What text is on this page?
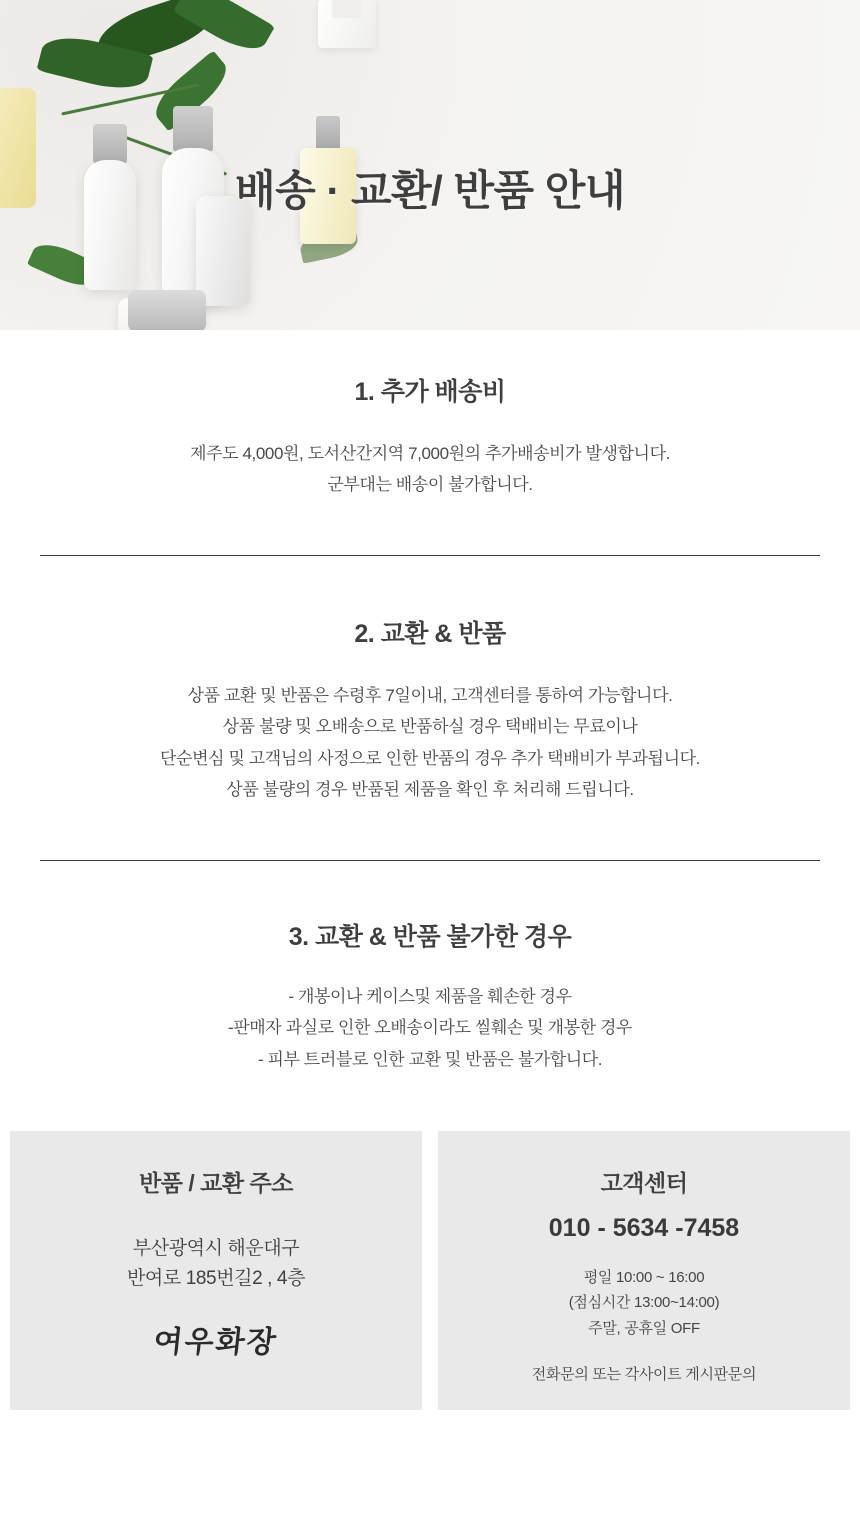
배송 · 교환/ 반품 안내
1. 추가 배송비
제주도 4,000원, 도서산간지역 7,000원의 추가배송비가 발생합니다.
군부대는 배송이 불가합니다.
2. 교환 & 반품
상품 교환 및 반품은 수령후 7일이내, 고객센터를 통하여 가능합니다.
상품 불량 및 오배송으로 반품하실 경우 택배비는 무료이나
단순변심 및 고객님의 사정으로 인한 반품의 경우 추가 택배비가 부과됩니다.
상품 불량의 경우 반품된 제품을 확인 후 처리해 드립니다.
3. 교환 & 반품 불가한 경우
- 개봉이나 케이스및 제품을 훼손한 경우
-판매자 과실로 인한 오배송이라도 씰훼손 및 개봉한 경우
- 피부 트러블로 인한 교환 및 반품은 불가합니다.
반품 / 교환 주소
부산광역시 해운대구
반여로 185번길2 , 4층
여우화장
고객센터
010 - 5634 -7458
평일 10:00 ~ 16:00
(점심시간 13:00~14:00)
주말, 공휴일 OFF
전화문의 또는 각사이트 게시판문의
